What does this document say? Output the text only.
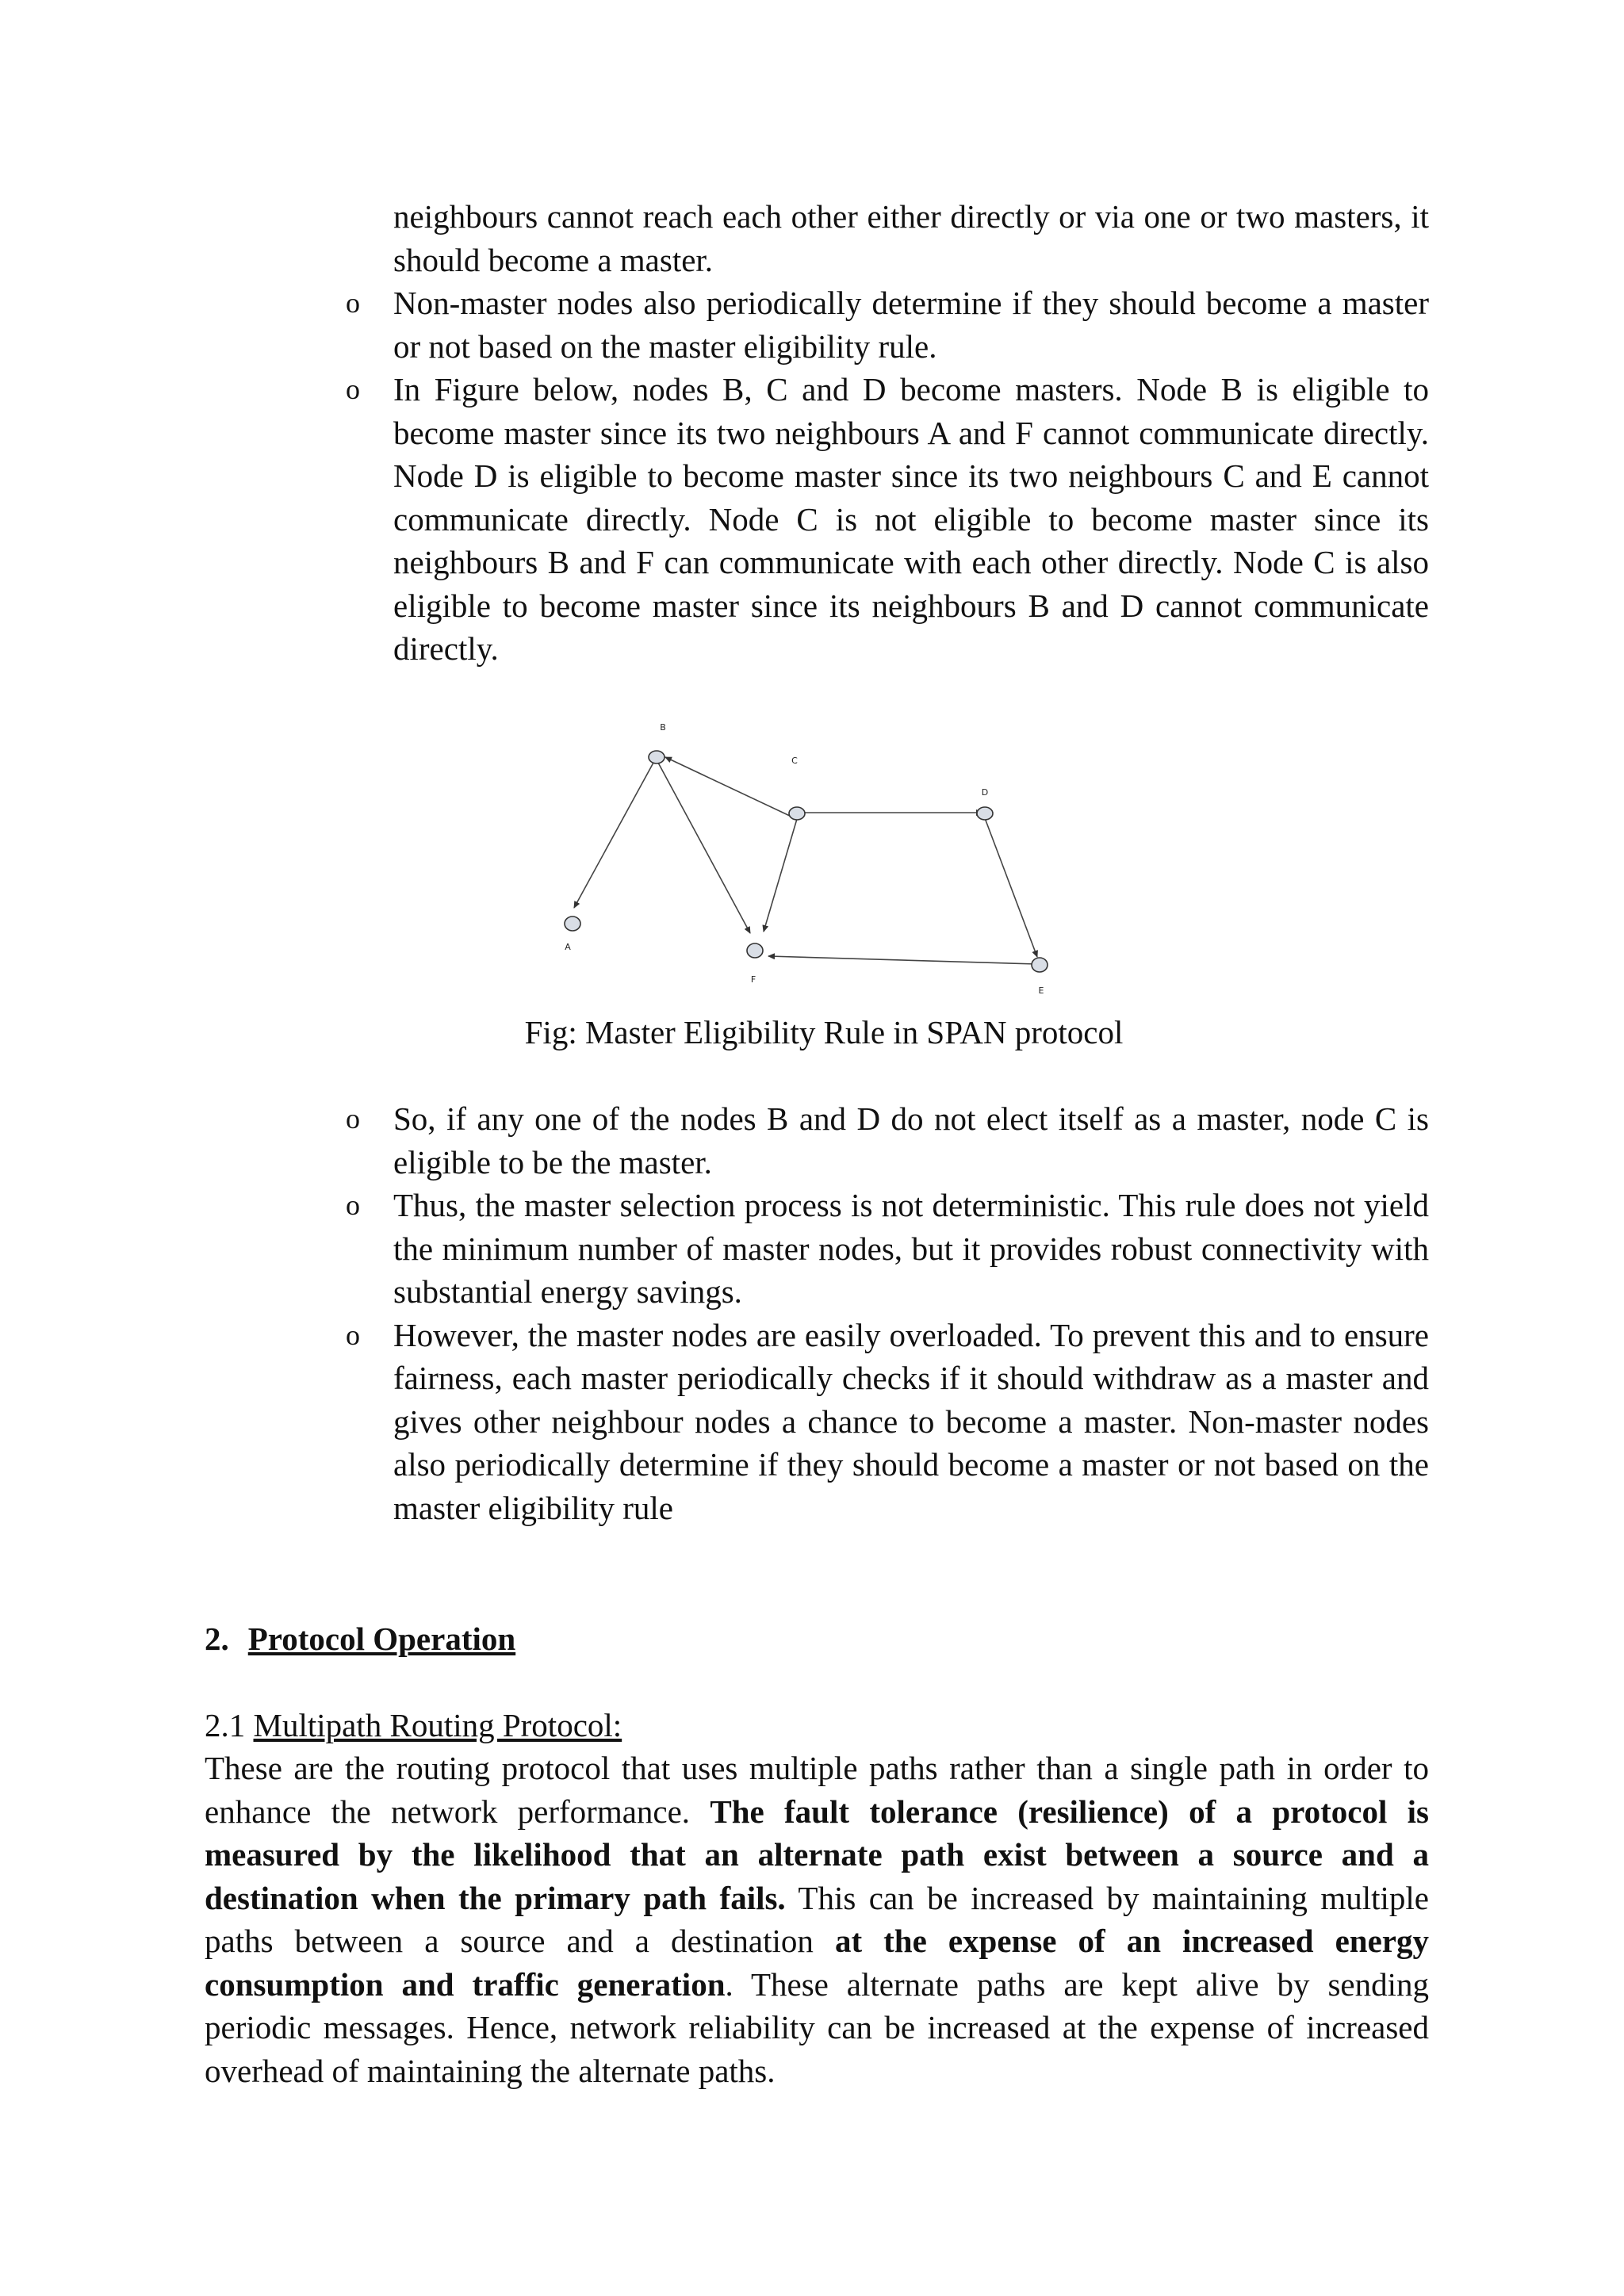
neighbours cannot reach each other either directly or via one or two masters, it should become a master.

o Non-master nodes also periodically determine if they should become a master or not based on the master eligibility rule.
o In Figure below, nodes B, C and D become masters. Node B is eligible to become master since its two neighbours A and F cannot communicate directly. Node D is eligible to become master since its two neighbours C and E cannot communicate directly. Node C is not eligible to become master since its neighbours B and F can communicate with each other directly. Node C is also eligible to become master since its neighbours B and D cannot communicate directly.
B
C
D
A
F
E

Fig: Master Eligibility Rule in SPAN protocol

o So, if any one of the nodes B and D do not elect itself as a master, node C is eligible to be the master.
o Thus, the master selection process is not deterministic. This rule does not yield the minimum number of master nodes, but it provides robust connectivity with substantial energy savings.
o However, the master nodes are easily overloaded. To prevent this and to ensure fairness, each master periodically checks if it should withdraw as a master and gives other neighbour nodes a chance to become a master. Non-master nodes also periodically determine if they should become a master or not based on the master eligibility rule
2. Protocol Operation

2.1 Multipath Routing Protocol:

These are the routing protocol that uses multiple paths rather than a single path in order to enhance the network performance. The fault tolerance (resilience) of a protocol is measured by the likelihood that an alternate path exist between a source and a destination when the primary path fails. This can be increased by maintaining multiple paths between a source and a destination at the expense of an increased energy consumption and traffic generation. These alternate paths are kept alive by sending periodic messages. Hence, network reliability can be increased at the expense of increased overhead of maintaining the alternate paths.
